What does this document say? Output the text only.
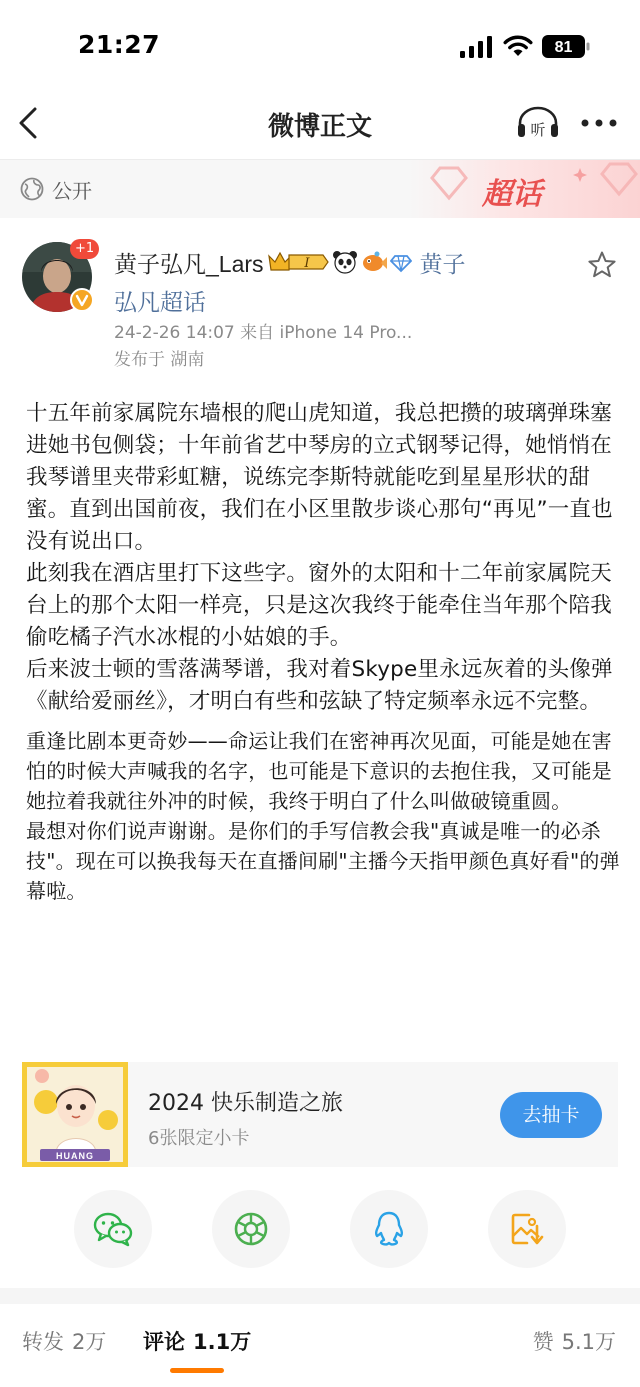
21:27	81
微博正文	听
公开	超话
+1
黄子弘凡_Lars	I	黄子
弘凡超话
24-2-26 14:07 来自 iPhone 14 Pro...
发布于 湖南

十五年前家属院东墙根的爬山虎知道，我总把攒的玻璃弹珠塞进她书包侧袋；十年前省艺中琴房的立式钢琴记得，她悄悄在我琴谱里夹带彩虹糖，说练完李斯特就能吃到星星形状的甜蜜。直到出国前夜，我们在小区里散步谈心那句“再见”一直也没有说出口。

此刻我在酒店里打下这些字。窗外的太阳和十二年前家属院天台上的那个太阳一样亮，只是这次我终于能牵住当年那个陪我偷吃橘子汽水冰棍的小姑娘的手。

后来波士顿的雪落满琴谱，我对着Skype里永远灰着的头像弹《献给爱丽丝》，才明白有些和弦缺了特定频率永远不完整。

重逢比剧本更奇妙——命运让我们在密神再次见面，可能是她在害怕的时候大声喊我的名字，也可能是下意识的去抱住我，又可能是她拉着我就往外冲的时候，我终于明白了什么叫做破镜重圆。

最想对你们说声谢谢。是你们的手写信教会我"真诚是唯一的必杀技"。现在可以换我每天在直播间刷"主播今天指甲颜色真好看"的弹幕啦。

HUANG
2024 快乐制造之旅
6张限定小卡
去抽卡
转发 2万 评论 1.1万	赞 5.1万
